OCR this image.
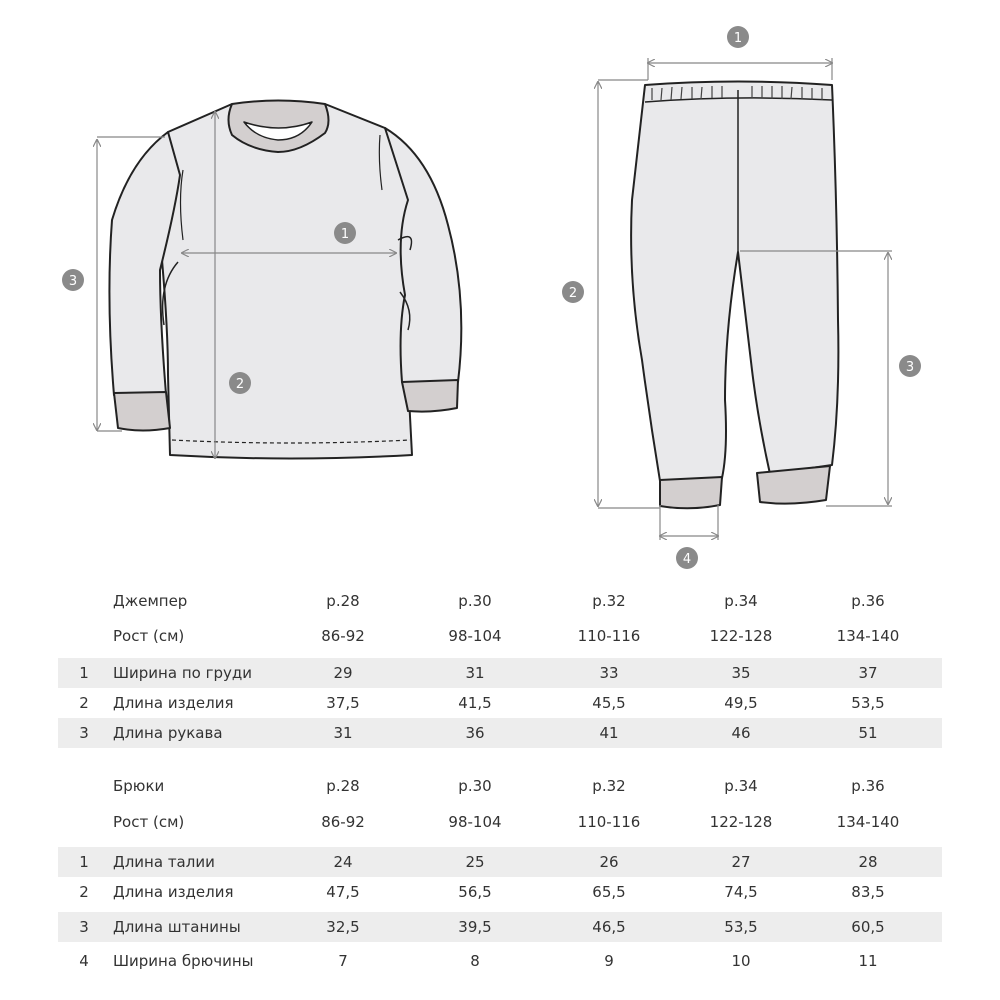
1
2
3
1
2
3
4
Джемпер	р.28	р.30	р.32	р.34	р.36
Рост (см)	86-92	98-104	110-116	122-128	134-140
1 Ширина по груди	29	31	33	35	37
2 Длина изделия	37,5	41,5	45,5	49,5	53,5
3 Длина рукава	31	36	41	46	51
Брюки	р.28	р.30	р.32	р.34	р.36
Рост (см)	86-92	98-104	110-116	122-128	134-140
1 Длина талии	24	25	26	27	28
2 Длина изделия	47,5	56,5	65,5	74,5	83,5
3 Длина штанины	32,5	39,5	46,5	53,5	60,5
4 Ширина брючины	7	8	9	10	11
